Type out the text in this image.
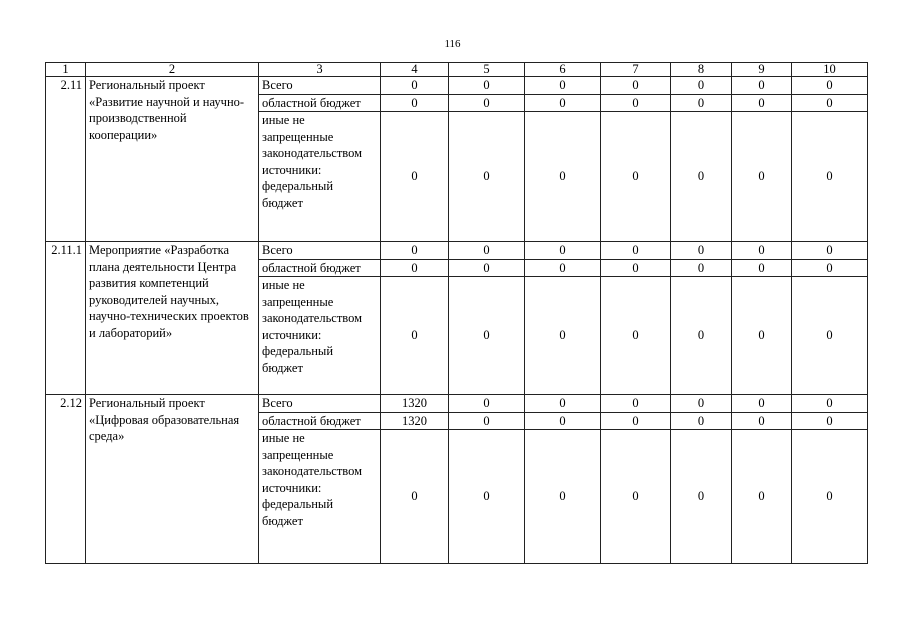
116
1	2	3	4	5	6	7	8	9	10
2.11	Региональный проект «Развитие научной и научно-производственной кооперации»	Всего	0	0	0	0	0	0	0
		областной бюджет	0	0	0	0	0	0	0
		иные не запрещенные законодательством источники: федеральный бюджет	0	0	0	0	0	0	0
2.11.1	Мероприятие «Разработка плана деятельности Центра развития компетенций руководителей научных, научно-технических проектов и лабораторий»	Всего	0	0	0	0	0	0	0
		областной бюджет	0	0	0	0	0	0	0
		иные не запрещенные законодательством источники: федеральный бюджет	0	0	0	0	0	0	0
2.12	Региональный проект «Цифровая образовательная среда»	Всего	1320	0	0	0	0	0	0
		областной бюджет	1320	0	0	0	0	0	0
		иные не запрещенные законодательством источники: федеральный бюджет	0	0	0	0	0	0	0
